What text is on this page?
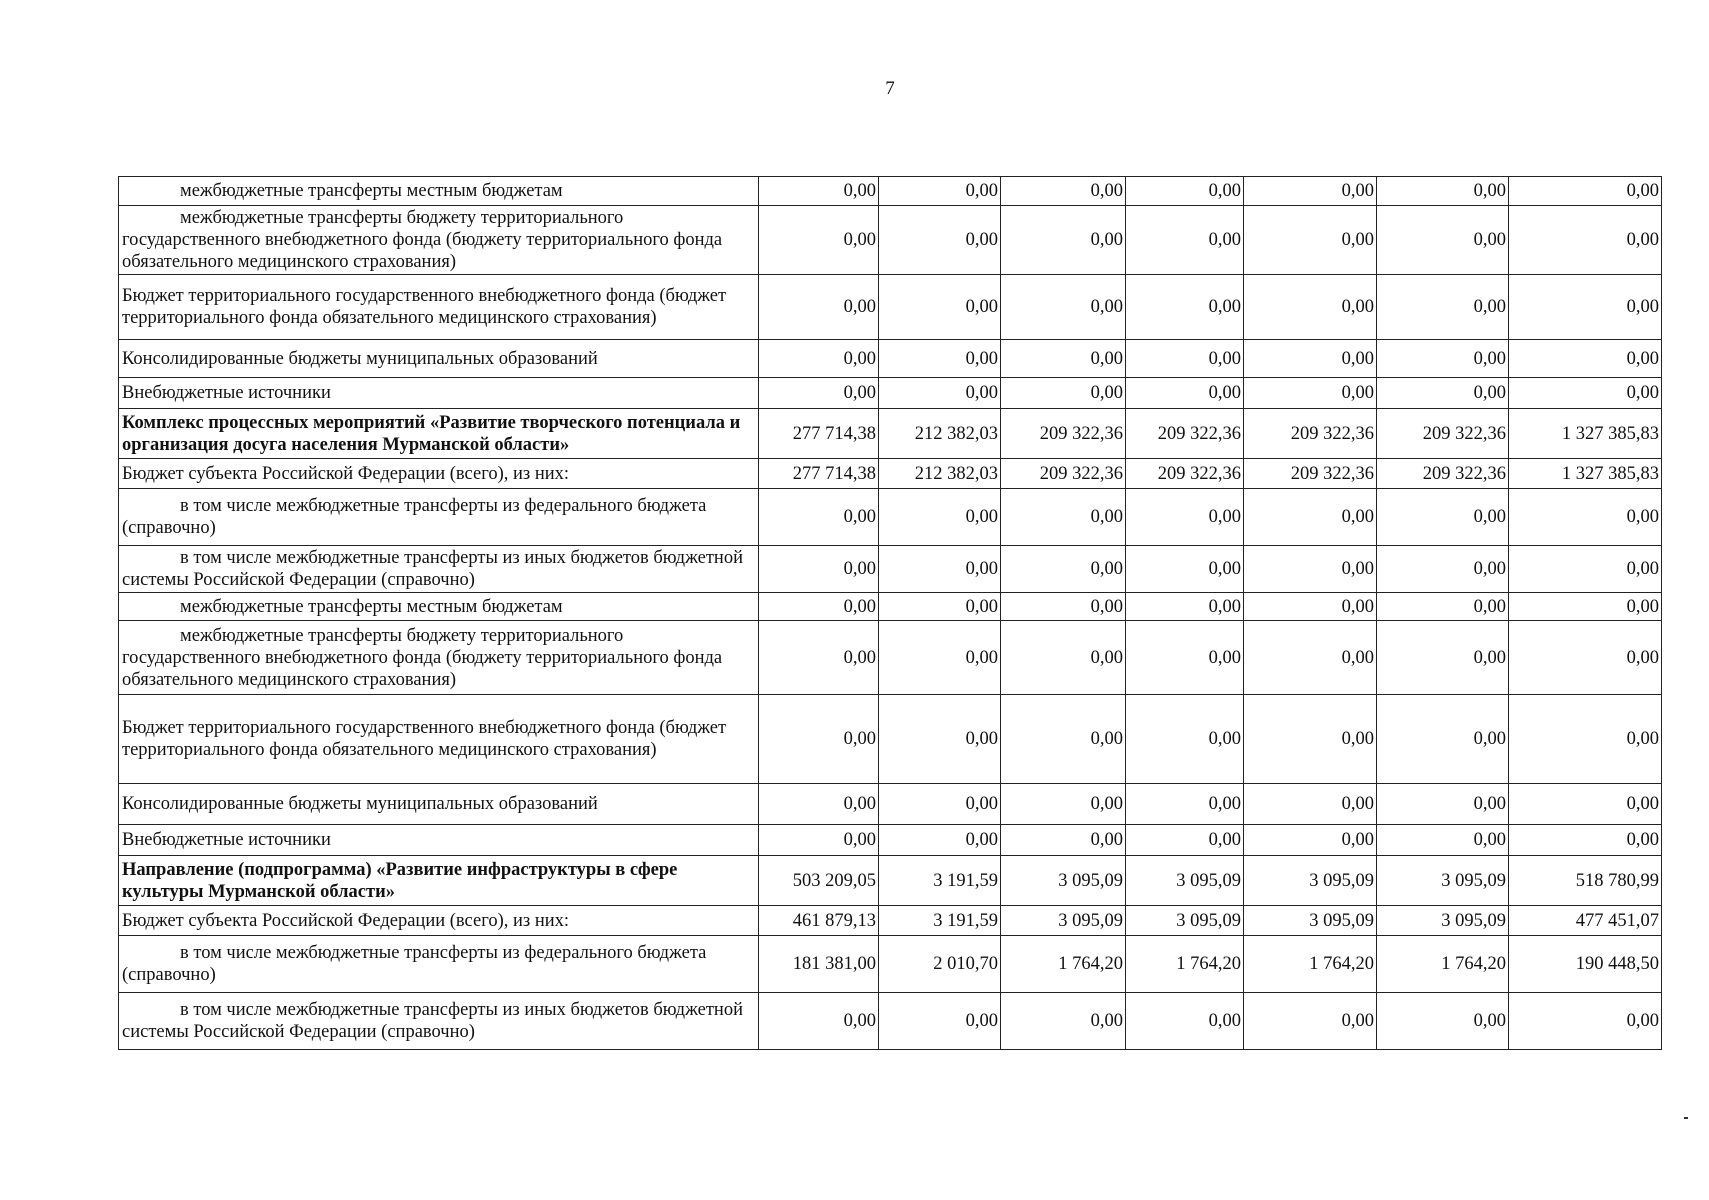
7
межбюджетные трансферты местным бюджетам	0,00	0,00	0,00	0,00	0,00	0,00	0,00

межбюджетные трансферты бюджету территориального государственного внебюджетного фонда (бюджету территориального фонда обязательного медицинского страхования)	0,00	0,00	0,00	0,00	0,00	0,00	0,00
Бюджет территориального государственного внебюджетного фонда (бюджет территориального фонда обязательного медицинского страхования)	0,00	0,00	0,00	0,00	0,00	0,00	0,00
Консолидированные бюджеты муниципальных образований	0,00	0,00	0,00	0,00	0,00	0,00	0,00
Внебюджетные источники	0,00	0,00	0,00	0,00	0,00	0,00	0,00
Комплекс процессных мероприятий «Развитие творческого потенциала и организация досуга населения Мурманской области»	277 714,38	212 382,03	209 322,36	209 322,36	209 322,36	209 322,36	1 327 385,83
Бюджет субъекта Российской Федерации (всего), из них:	277 714,38	212 382,03	209 322,36	209 322,36	209 322,36	209 322,36	1 327 385,83

в том числе межбюджетные трансферты из федерального бюджета (справочно)	0,00	0,00	0,00	0,00	0,00	0,00	0,00

в том числе межбюджетные трансферты из иных бюджетов бюджетной системы Российской Федерации (справочно)	0,00	0,00	0,00	0,00	0,00	0,00	0,00

межбюджетные трансферты местным бюджетам	0,00	0,00	0,00	0,00	0,00	0,00	0,00

межбюджетные трансферты бюджету территориального государственного внебюджетного фонда (бюджету территориального фонда обязательного медицинского страхования)	0,00	0,00	0,00	0,00	0,00	0,00	0,00
Бюджет территориального государственного внебюджетного фонда (бюджет территориального фонда обязательного медицинского страхования)	0,00	0,00	0,00	0,00	0,00	0,00	0,00
Консолидированные бюджеты муниципальных образований	0,00	0,00	0,00	0,00	0,00	0,00	0,00
Внебюджетные источники	0,00	0,00	0,00	0,00	0,00	0,00	0,00
Направление (подпрограмма) «Развитие инфраструктуры в сфере культуры Мурманской области»	503 209,05	3 191,59	3 095,09	3 095,09	3 095,09	3 095,09	518 780,99
Бюджет субъекта Российской Федерации (всего), из них:	461 879,13	3 191,59	3 095,09	3 095,09	3 095,09	3 095,09	477 451,07

в том числе межбюджетные трансферты из федерального бюджета (справочно)	181 381,00	2 010,70	1 764,20	1 764,20	1 764,20	1 764,20	190 448,50

в том числе межбюджетные трансферты из иных бюджетов бюджетной системы Российской Федерации (справочно)	0,00	0,00	0,00	0,00	0,00	0,00	0,00
